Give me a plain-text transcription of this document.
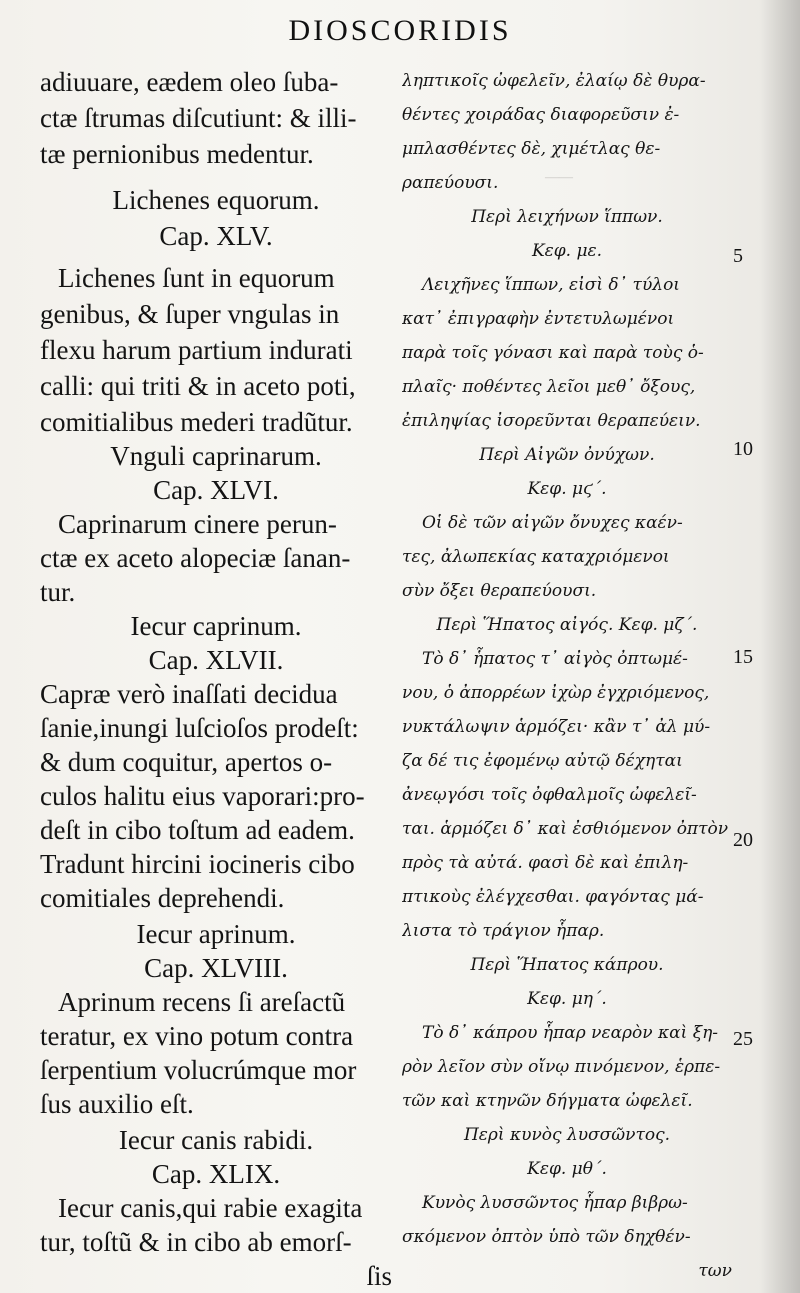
——
DIOSCORIDIS
adiuuare, eædem oleo ſuba-
ctæ ſtrumas diſcutiunt: & illi-
tæ pernionibus medentur.
Lichenes equorum.
Cap. XLV.
Lichenes ſunt in equorum
genibus, & ſuper vngulas in
flexu harum partium indurati
calli: qui triti & in aceto poti,
comitialibus mederi tradũtur.
Vnguli caprinarum.
Cap. XLVI.
Caprinarum cinere perun-
ctæ ex aceto alopeciæ ſanan-
tur.
Iecur caprinum.
Cap. XLVII.
Capræ verò inaſſati decidua
ſanie,inungi luſcioſos prodeſt:
& dum coquitur, apertos o-
culos halitu eius vaporari:pro-
deſt in cibo toſtum ad eadem.
Tradunt hircini iocineris cibo
comitiales deprehendi.
Iecur aprinum.
Cap. XLVIII.
Aprinum recens ſi areſactũ
teratur, ex vino potum contra
ſerpentium volucrúmque mor
ſus auxilio eſt.
Iecur canis rabidi.
Cap. XLIX.
Iecur canis,qui rabie exagita
tur, toſtũ & in cibo ab emorſ-
ſis
ληπτικοῖς ὠφελεῖν, ἐλαίῳ δὲ θυρα-
θέντες χοιράδας διαφορεῦσιν ἐ-
μπλασθέντες δὲ, χιμέτλας θε-
ραπεύουσι.
Περὶ λειχήνων ἵππων.
Κεφ. με.
Λειχῆνες ἵππων, εἰσὶ δ᾽ τύλοι
κατ᾽ ἐπιγραφὴν ἐντετυλωμένοι
παρὰ τοῖς γόνασι καὶ παρὰ τοὺς ὁ-
πλαῖς· ποθέντες λεῖοι μεθ᾽ ὄξους,
ἐπιληψίας ἰσορεῦνται θεραπεύειν.
Περὶ Αἰγῶν ὀνύχων.
Κεφ. μϛ΄.
Οἱ δὲ τῶν αἰγῶν ὄνυχες καέν-
τες, ἀλωπεκίας καταχριόμενοι
σὺν ὄξει θεραπεύουσι.
Περὶ Ἥπατος αἰγός. Κεφ. μζ΄.
Τὸ δ᾽ ἧπατος τ᾽ αἰγὸς ὀπτωμέ-
νου, ὁ ἀπορρέων ἰχὼρ ἐγχριόμενος,
νυκτάλωψιν ἁρμόζει· κἂν τ᾽ ἀλ μύ-
ζα δέ τις ἐφομένῳ αὐτῷ δέχηται
ἀνεῳγόσι τοῖς ὀφθαλμοῖς ὠφελεῖ-
ται. ἁρμόζει δ᾽ καὶ ἐσθιόμενον ὀπτὸν
πρὸς τὰ αὐτά. φασὶ δὲ καὶ ἐπιλη-
πτικοὺς ἐλέγχεσθαι. φαγόντας μά-
λιστα τὸ τράγιον ἧπαρ.
Περὶ Ἥπατος κάπρου.
Κεφ. μη΄.
Τὸ δ᾽ κάπρου ἧπαρ νεαρὸν καὶ ξη-
ρὸν λεῖον σὺν οἴνῳ πινόμενον, ἑρπε-
τῶν καὶ κτηνῶν δήγματα ὠφελεῖ.
Περὶ κυνὸς λυσσῶντος.
Κεφ. μθ΄.
Κυνὸς λυσσῶντος ἧπαρ βιβρω-
σκόμενον ὀπτὸν ὑπὸ τῶν δηχθέν-
των
5
10
15
20
25
